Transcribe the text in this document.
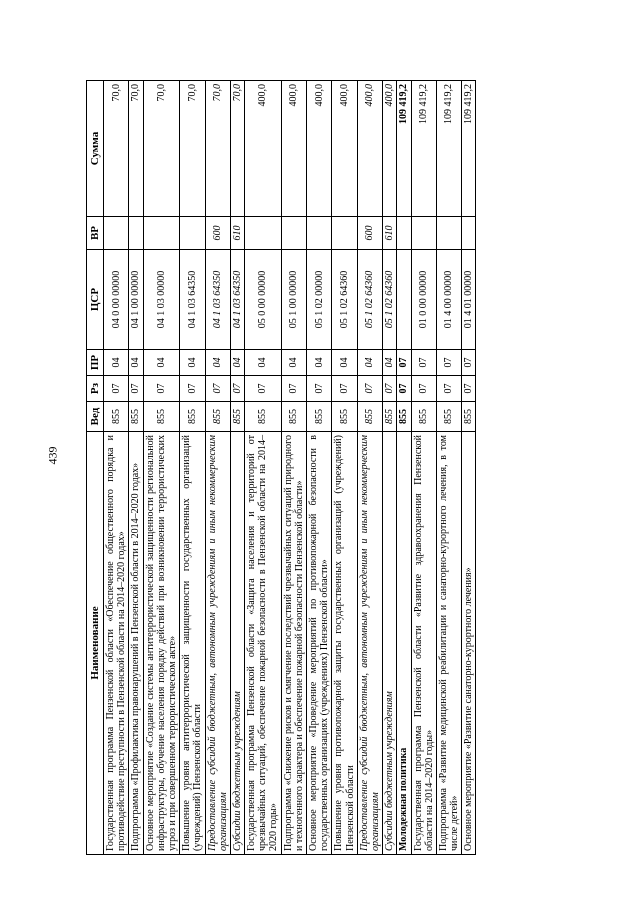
439
Наименование	Вед	Рз	ПР	ЦСР	ВР	Сумма
Государственная программа Пензенской области «Обеспечение общественного порядка и противодействие преступности в Пензенской области на 2014–2020 годах»	855	07	04	04 0 00 00000		70,0
Подпрограмма «Профилактика правонарушений в Пензенской области в 2014–2020 годах»	855	07	04	04 1 00 00000		70,0
Основное мероприятие «Создание системы антитеррористической защищенности региональной инфраструктуры, обучение населения порядку действий при возникновении террористических угроз и при совершенном террористическом акте»	855	07	04	04 1 03 00000		70,0
Повышение уровня антитеррористической защищенности государственных организаций (учреждений) Пензенской области	855	07	04	04 1 03 64350		70,0
Предоставление субсидий бюджетным, автономным учреждениям и иным некоммерческим организациям	855	07	04	04 1 03 64350	600	70,0
Субсидии бюджетным учреждениям	855	07	04	04 1 03 64350	610	70,0
Государственная программа Пензенской области «Защита населения и территорий от чрезвычайных ситуаций, обеспечение пожарной безопасности в Пензенской области на 2014–2020 годы»	855	07	04	05 0 00 00000		400,0
Подпрограмма «Снижение рисков и смягчение последствий чрезвычайных ситуаций природного и техногенного характера и обеспечение пожарной безопасности Пензенской области»	855	07	04	05 1 00 00000		400,0
Основное мероприятие «Проведение мероприятий по противопожарной безопасности в государственных организациях (учреждениях) Пензенской области»	855	07	04	05 1 02 00000		400,0
Повышение уровня противопожарной защиты государственных организаций (учреждений) Пензенской области	855	07	04	05 1 02 64360		400,0
Предоставление субсидий бюджетным, автономным учреждениям и иным некоммерческим организациям	855	07	04	05 1 02 64360	600	400,0
Субсидии бюджетным учреждениям	855	07	04	05 1 02 64360	610	400,0
Молодежная политика	855	07	07			109 419,2
Государственная программа Пензенской области «Развитие здравоохранения Пензенской области на 2014–2020 годы»	855	07	07	01 0 00 00000		109 419,2
Подпрограмма «Развитие медицинской реабилитации и санаторно-курортного лечения, в том числе детей»	855	07	07	01 4 00 00000		109 419,2
Основное мероприятие «Развитие санаторно-курортного лечения»	855	07	07	01 4 01 00000		109 419,2
